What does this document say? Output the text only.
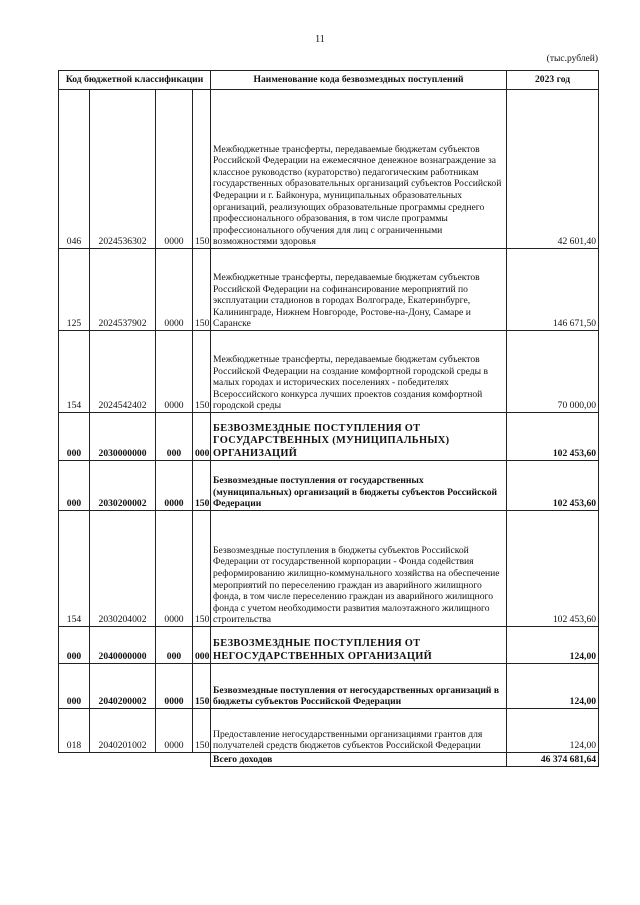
11
(тыс.рублей)
Код бюджетной классификации				Наименование кода безвозмездных поступлений	2023 год
046	2024536302	0000	150	Межбюджетные трансферты, передаваемые бюджетам субъектов Российской Федерации на ежемесячное денежное вознаграждение за классное руководство (кураторство) педагогическим работникам государственных образовательных организаций субъектов Российской Федерации и г. Байконура, муниципальных образовательных организаций, реализующих образовательные программы среднего профессионального образования, в том числе программы профессионального обучения для лиц с ограниченными возможностями здоровья	42 601,40
125	2024537902	0000	150	Межбюджетные трансферты, передаваемые бюджетам субъектов Российской Федерации на софинансирование мероприятий по эксплуатации стадионов в городах Волгограде, Екатеринбурге, Калининграде, Нижнем Новгороде, Ростове-на-Дону, Самаре и Саранске	146 671,50
154	2024542402	0000	150	Межбюджетные трансферты, передаваемые бюджетам субъектов Российской Федерации на создание комфортной городской среды в малых городах и исторических поселениях - победителях Всероссийского конкурса лучших проектов создания комфортной городской среды	70 000,00
000	2030000000	000	000	БЕЗВОЗМЕЗДНЫЕ ПОСТУПЛЕНИЯ ОТ ГОСУДАРСТВЕННЫХ (МУНИЦИПАЛЬНЫХ) ОРГАНИЗАЦИЙ	102 453,60
000	2030200002	0000	150	Безвозмездные поступления от государственных (муниципальных) организаций в бюджеты субъектов Российской Федерации	102 453,60
154	2030204002	0000	150	Безвозмездные поступления в бюджеты субъектов Российской Федерации от государственной корпорации - Фонда содействия реформированию жилищно-коммунального хозяйства на обеспечение мероприятий по переселению граждан из аварийного жилищного фонда, в том числе переселению граждан из аварийного жилищного фонда с учетом необходимости развития малоэтажного жилищного строительства	102 453,60
000	2040000000	000	000	БЕЗВОЗМЕЗДНЫЕ ПОСТУПЛЕНИЯ ОТ НЕГОСУДАРСТВЕННЫХ ОРГАНИЗАЦИЙ	124,00
000	2040200002	0000	150	Безвозмездные поступления от негосударственных организаций в бюджеты субъектов Российской Федерации	124,00
018	2040201002	0000	150	Предоставление негосударственными организациями грантов для получателей средств бюджетов субъектов Российской Федерации	124,00
				Всего доходов	46 374 681,64
